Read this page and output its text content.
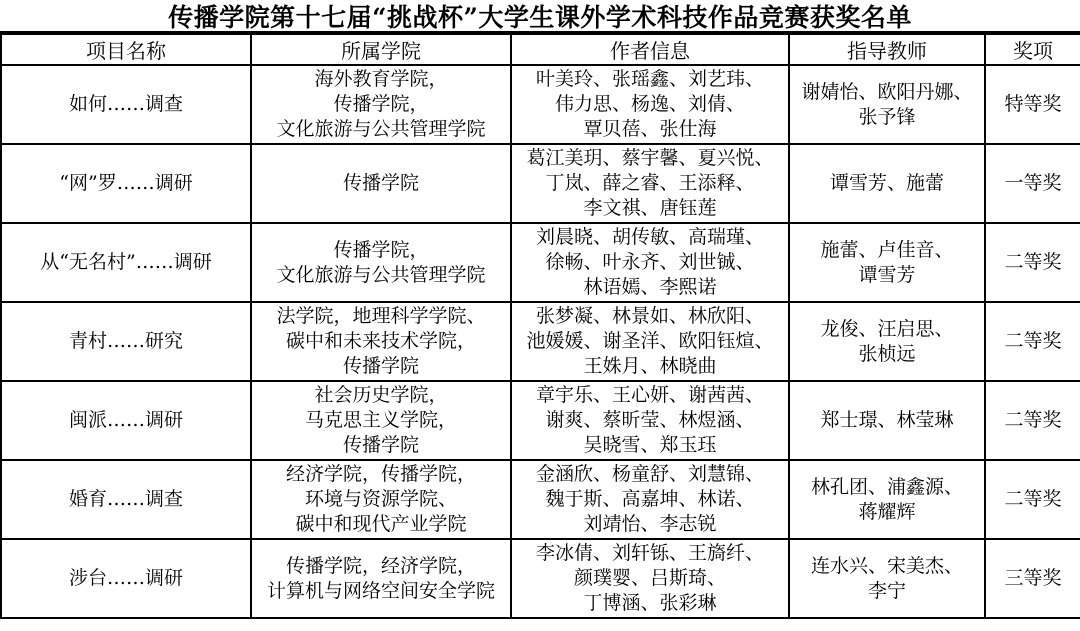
传播学院第十七届“挑战杯”大学生课外学术科技作品竞赛获奖名单
项目名称	所属学院	作者信息	指导教师	奖项
如何……调查	海外教育学院，
传播学院，
文化旅游与公共管理学院	叶美玲、张瑶鑫、刘艺玮、
伟力思、杨逸、刘倩、
覃贝蓓、张仕海	谢婧怡、欧阳丹娜、
张予锋	特等奖
“网”罗……调研	传播学院	葛江美玥、蔡宇馨、夏兴悦、
丁岚、薛之睿、王添释、
李文祺、唐钰莲	谭雪芳、施蕾	一等奖
从“无名村”……调研	传播学院，
文化旅游与公共管理学院	刘晨晓、胡传敏、高瑞瑾、
徐畅、叶永齐、刘世铖、
林语嫣、李熙诺	施蕾、卢佳音、
谭雪芳	二等奖
青村……研究	法学院，地理科学学院、
碳中和未来技术学院，
传播学院	张梦凝、林景如、林欣阳、
池媛媛、谢圣洋、欧阳钰煊、
王姝月、林晓曲	龙俊、汪启思、
张桢远	二等奖
闽派……调研	社会历史学院，
马克思主义学院，
传播学院	章宇乐、王心妍、谢茜茜、
谢爽、蔡昕莹、林煜涵、
吴晓雪、郑玉珏	郑士璟、林莹琳	二等奖
婚育……调查	经济学院，传播学院，
环境与资源学院、
碳中和现代产业学院	金涵欣、杨童舒、刘慧锦、
魏于斯、高嘉坤、林诺、
刘靖怡、李志锐	林孔团、浦鑫源、
蒋耀辉	二等奖
涉台……调研	传播学院，经济学院，
计算机与网络空间安全学院	李冰倩、刘轩铄、王旖纤、
颜璞婴、吕斯琦、
丁博涵、张彩琳	连水兴、宋美杰、
李宁	三等奖
